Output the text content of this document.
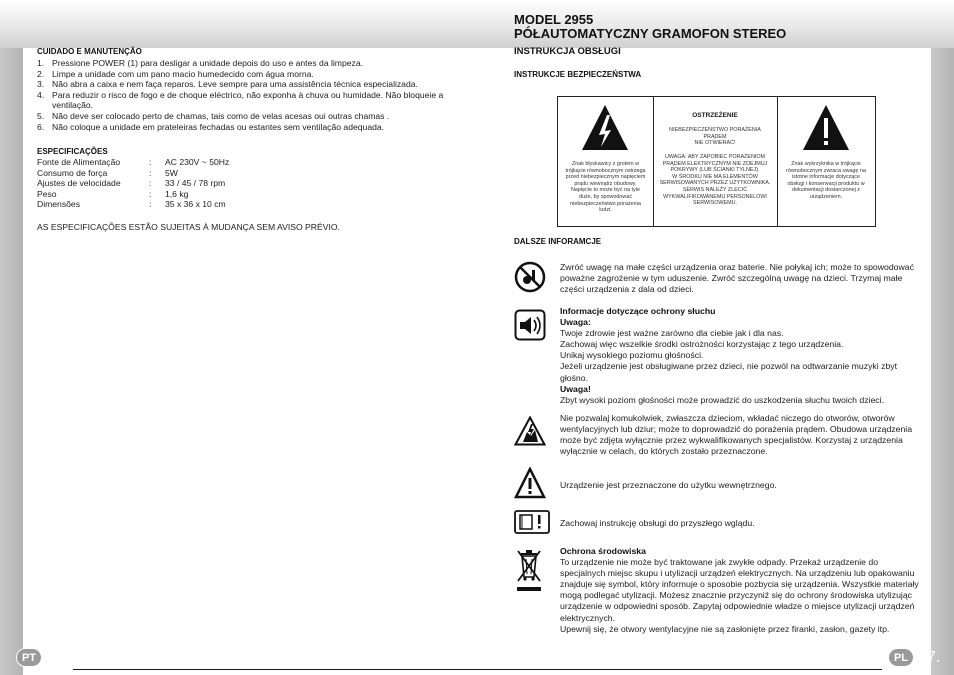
MODEL 2955
PÓŁAUTOMATYCZNY GRAMOFON STEREO
CUIDADO E MANUTENÇÃO
1. Pressione POWER (1) para desligar a unidade depois do uso e antes da limpeza.
2. Limpe a unidade com um pano macio humedecido com água morna.
3. Não abra a caixa e nem faça reparos. Leve sempre para uma assistência técnica especializada.
4. Para reduzir o risco de fogo e de choque eléctrico, não exponha à chuva ou humidade. Não bloqueie a ventilação.
5. Não deve ser colocado perto de chamas, tais como de velas acesas oui outras chamas .
6. Não coloque a unidade em prateleiras fechadas ou estantes sem ventilação adequada.
ESPECIFICAÇÕES
Fonte de Alimentação	:	AC 230V ~ 50Hz
Consumo de força	:	5W
Ajustes de velocidade	:	33 / 45 / 78 rpm
Peso	:	1,6 kg
Dimensões	:	35 x 36 x 10 cm
AS ESPECIFICAÇÕES ESTÃO SUJEITAS À MUDANÇA SEM AVISO PRÉVIO.
PT 36.
INSTRUKCJA OBSŁUGI
INSTRUKCJE BEZPIECZEŃSTWA
Znak błyskawicy z grotem w trójkącie równobocznym ostrzega przed niebezpiecznym napięciem prądu wewnątrz obudowy. Napięcie to może być na tyle duże, by spowodować niebezpieczeństwo porażenia ludzi.
OSTRZEŻENIE
NIEBEZPIECZEŃSTWO PORAŻENIA PRĄDEM
NIE OTWIERAĆ!
UWAGA: ABY ZAPOBIEC PORAŻENIOM PRĄDEM ELEKTRYCZNYM NIE ZDEJMUJ POKRYWY (LUB ŚCIANKI TYLNEJ).
W ŚRODKU NIE MA ELEMENTÓW SERWISOWANYCH PRZEZ UŻYTKOWNIKA. SERWIS NALEŻY ZLECIĆ WYKWALIFIKOWANEMU PERSONELOWI SERWISOWEMU.
Znak wykrzyknika w trójkącie równobocznym zwraca uwagę na istotne informacje dotyczące obsługi i konserwacji produktu w dokumentacji dostarczonej z urządzeniem.
DALSZE INFORAMCJE
Zwróć uwagę na małe części urządzenia oraz baterie. Nie połykaj ich; może to spowodować poważne zagrożenie w tym uduszenie. Zwróć szczególną uwagę na dzieci. Trzymaj małe części urządzenia z dala od dzieci.
Informacje dotyczące ochrony słuchu
Uwaga:
Twoje zdrowie jest ważne zarówno dla ciebie jak i dla nas.
Zachowaj więc wszelkie środki ostrożności korzystając z tego urządzenia.
Unikaj wysokiego poziomu głośności.
Jeżeli urządzenie jest obsługiwane przez dzieci, nie pozwól na odtwarzanie muzyki zbyt głośno.
Uwaga!
Zbyt wysoki poziom głośności może prowadzić do uszkodzenia słuchu twoich dzieci.
Nie pozwalaj komukolwiek, zwłaszcza dzieciom, wkładać niczego do otworów, otworów wentylacyjnych lub dziur; może to doprowadzić do porażenia prądem. Obudowa urządzenia może być zdjęta wyłącznie przez wykwalifikowanych specjalistów. Korzystaj z urządzenia wyłącznie w celach, do których zostało przeznaczone.
Urządzenie jest przeznaczone do użytku wewnętrznego.
Zachowaj instrukcję obsługi do przyszłego wglądu.
Ochrona środowiska
To urządzenie nie może być traktowane jak zwykłe odpady. Przekaż urządzenie do specjalnych miejsc skupu i utylizacji urządzeń elektrycznych. Na urządzeniu lub opakowaniu znajduje się symbol, który informuje o sposobie pozbycia się urządzenia. Wszystkie materiały mogą podlegać utylizacji. Możesz znacznie przyczyniź się do ochrony środowiska utylizując urządzenie w odpowiedni sposób. Zapytaj odpowiednie władze o miejsce utylizacji urządzeń elektrycznych.
Upewnij się, że otwory wentylacyjne nie są zasłonięte przez firanki, zasłon, gazety itp.
PL 37.
